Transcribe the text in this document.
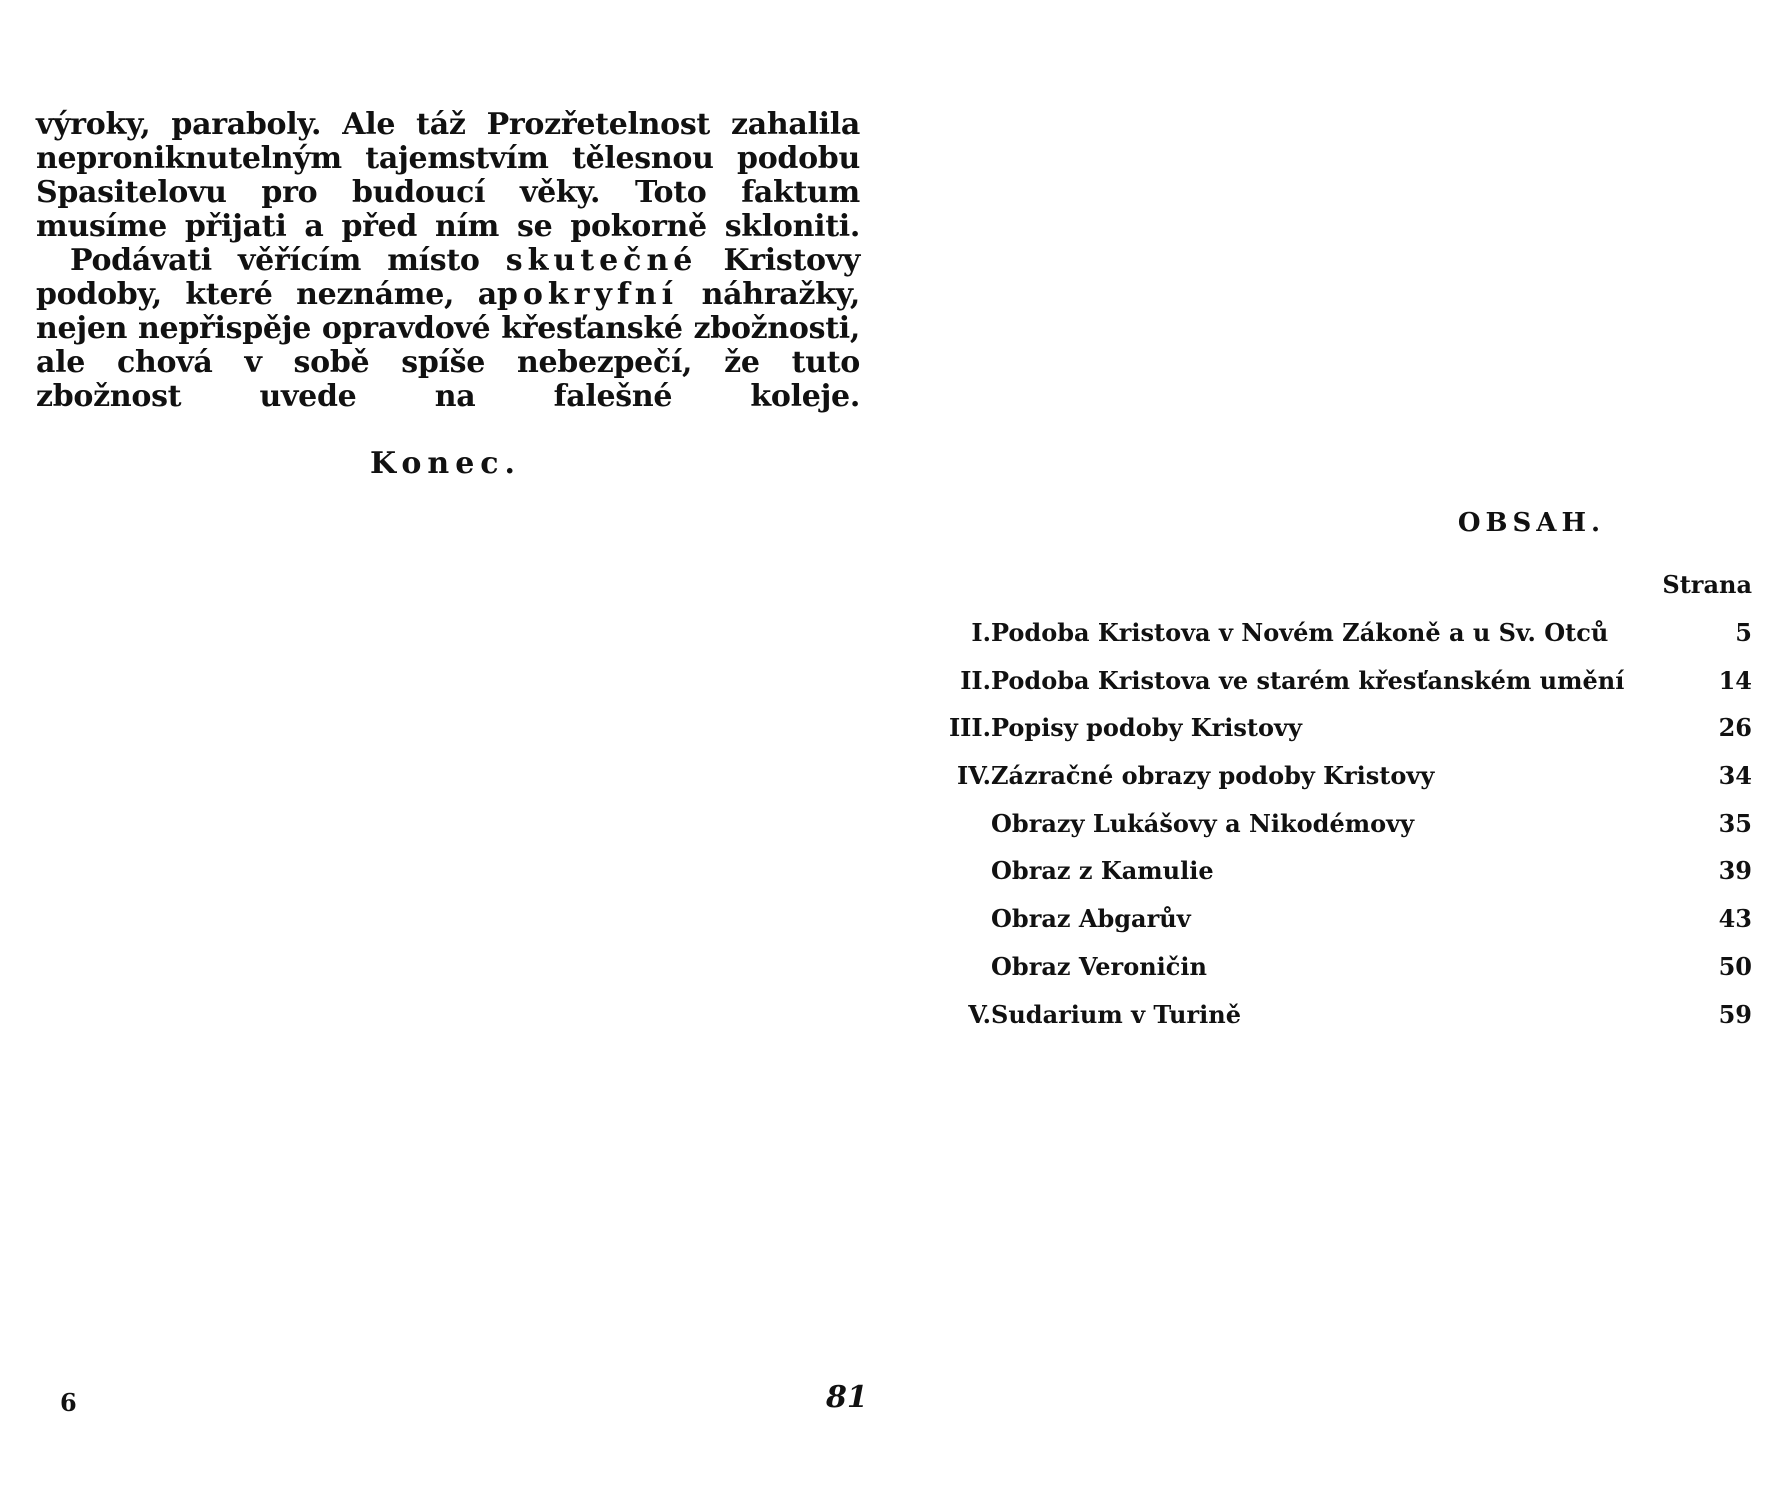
výroky, paraboly. Ale táž Prozřetelnost zahalila neproniknutelným tajemstvím tělesnou podobu Spasitelovu pro budoucí věky. Toto faktum musíme přijati a před ním se pokorně skloniti.

Podávati věřícím místo skutečné Kristovy podoby, které neznáme, apokryfní náhražky, nejen nepřispěje opravdové křesťanské zbožnosti, ale chová v sobě spíše nebezpečí, že tuto zbožnost uvede na falešné koleje.

Konec.
6	81
OBSAH.
Strana
I. Podoba Kristova v Novém Zákoně a u Sv. Otců	5
II. Podoba Kristova ve starém křesťanském umění	14
III. Popisy podoby Kristovy	26
IV. Zázračné obrazy podoby Kristovy	34
Obrazy Lukášovy a Nikodémovy	35
Obraz z Kamulie	39
Obraz Abgarův	43
Obraz Veroničin	50
V. Sudarium v Turině	59
